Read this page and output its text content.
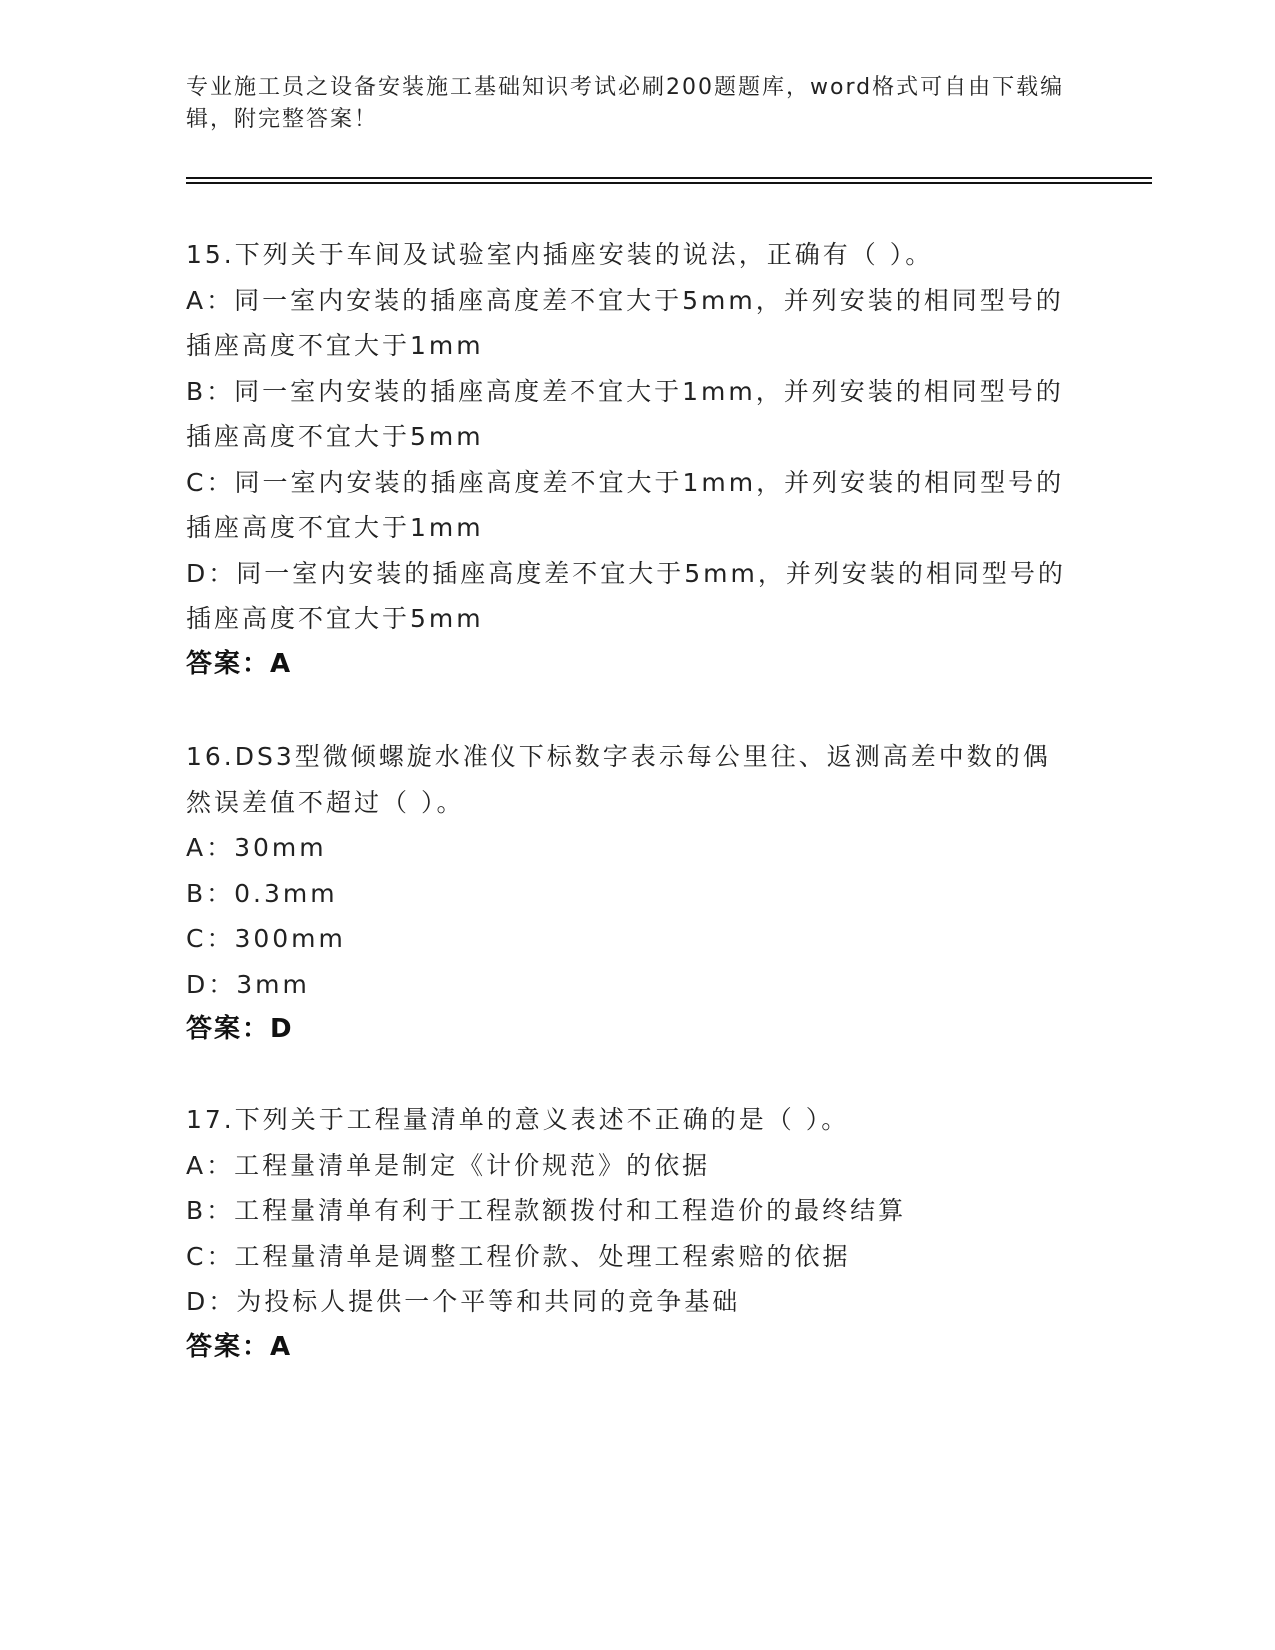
专业施工员之设备安装施工基础知识考试必刷200题题库，word格式可自由下载编辑，附完整答案！
15.下列关于车间及试验室内插座安装的说法，正确有（ ）。
A：同一室内安装的插座高度差不宜大于5mm，并列安装的相同型号的插座高度不宜大于1mm
B：同一室内安装的插座高度差不宜大于1mm，并列安装的相同型号的插座高度不宜大于5mm
C：同一室内安装的插座高度差不宜大于1mm，并列安装的相同型号的插座高度不宜大于1mm
D：同一室内安装的插座高度差不宜大于5mm，并列安装的相同型号的插座高度不宜大于5mm
答案：A
16.DS3型微倾螺旋水准仪下标数字表示每公里往、返测高差中数的偶然误差值不超过（ ）。
A：30mm
B：0.3mm
C：300mm
D：3mm
答案：D
17.下列关于工程量清单的意义表述不正确的是（ ）。
A：工程量清单是制定《计价规范》的依据
B：工程量清单有利于工程款额拨付和工程造价的最终结算
C：工程量清单是调整工程价款、处理工程索赔的依据
D：为投标人提供一个平等和共同的竞争基础
答案：A
